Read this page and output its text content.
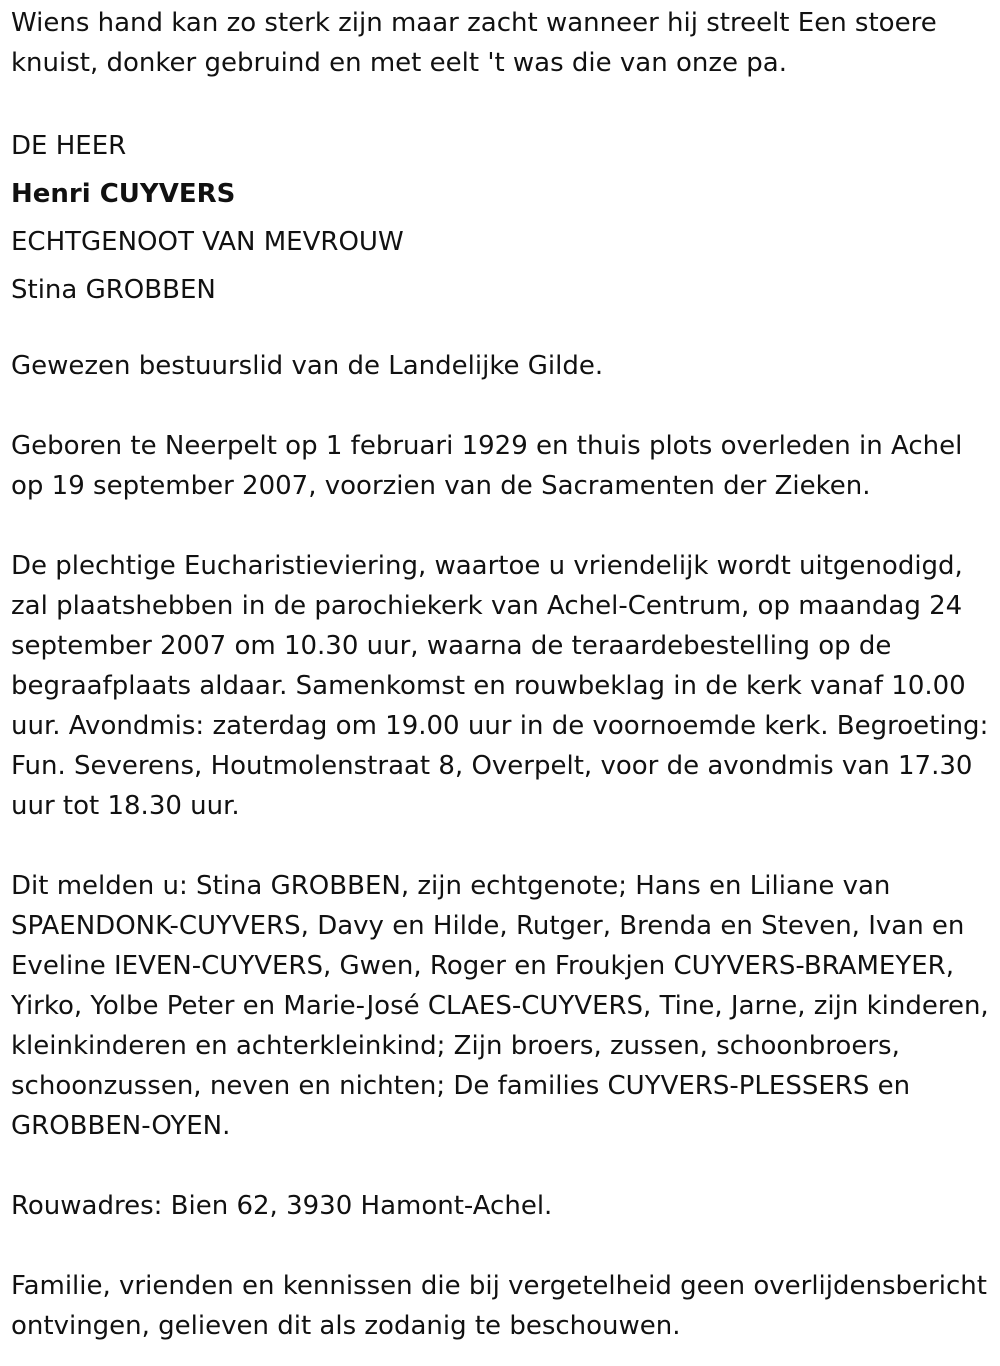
Wiens hand kan zo sterk zijn maar zacht wanneer hij streelt Een stoere knuist, donker gebruind en met eelt 't was die van onze pa.

DE HEER
Henri CUYVERS
ECHTGENOOT VAN MEVROUW
Stina GROBBEN

Gewezen bestuurslid van de Landelijke Gilde.

Geboren te Neerpelt op 1 februari 1929 en thuis plots overleden in Achel op 19 september 2007, voorzien van de Sacramenten der Zieken.

De plechtige Eucharistieviering, waartoe u vriendelijk wordt uitgenodigd, zal plaatshebben in de parochiekerk van Achel-Centrum, op maandag 24 september 2007 om 10.30 uur, waarna de teraardebestelling op de begraafplaats aldaar. Samenkomst en rouwbeklag in de kerk vanaf 10.00 uur. Avondmis: zaterdag om 19.00 uur in de voornoemde kerk. Begroeting: Fun. Severens, Houtmolenstraat 8, Overpelt, voor de avondmis van 17.30 uur tot 18.30 uur.

Dit melden u: Stina GROBBEN, zijn echtgenote; Hans en Liliane van SPAENDONK-CUYVERS, Davy en Hilde, Rutger, Brenda en Steven, Ivan en Eveline IEVEN-CUYVERS, Gwen, Roger en Froukjen CUYVERS-BRAMEYER, Yirko, Yolbe Peter en Marie-José CLAES-CUYVERS, Tine, Jarne, zijn kinderen, kleinkinderen en achterkleinkind; Zijn broers, zussen, schoonbroers, schoonzussen, neven en nichten; De families CUYVERS-PLESSERS en GROBBEN-OYEN.

Rouwadres: Bien 62, 3930 Hamont-Achel.

Familie, vrienden en kennissen die bij vergetelheid geen overlijdensbericht ontvingen, gelieven dit als zodanig te beschouwen.
